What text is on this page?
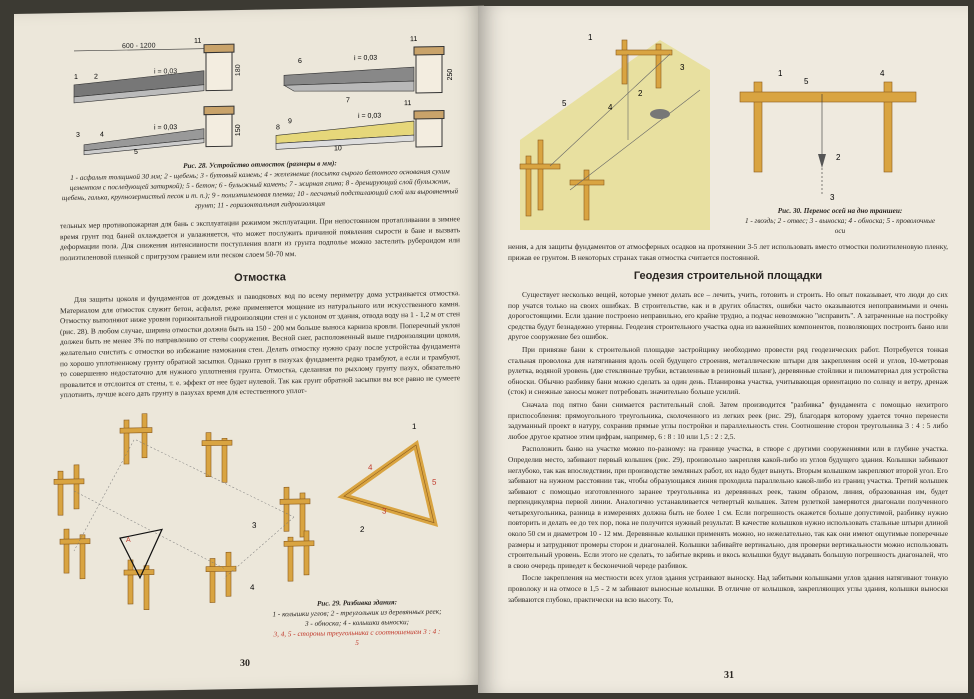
600 - 1200
i = 0,03	180
1 2
11
i = 0,03	150
3	4
5
i = 0,03
250
6
7
11
i = 0,03
8
9
10
11

Рис. 28. Устройство отмосток (размеры в мм):
1 - асфальт толщиной 30 мм; 2 - щебень; 3 - бутовый камень; 4 - железнение (посыпка сырого бетонного основания сухим цементом с последующей затиркой); 5 - бетон; 6 - булыжный камень; 7 - жирная глина; 8 - дренирующий слой (булыжник, щебень, галька, крупнозернистый песок и т. п.); 9 - полиэтиленовая пленка; 10 - песчаный подстилающий слой или выровненный грунт; 11 - горизонтальная гидроизоляция

тельных мер противопожарная для бань с эксплуатации режимом эксплуатации. При непостоянном протапливании в зимнее время грунт под баней охлаждается и увлажняется, что может послужить причиной появления сырости в бане и вызвать деформации пола. Для снижения интенсивности поступления влаги из грунта подполье можно застелить рубероидом или полиэтиленовой пленкой с пригрузом гравием или песком слоем 50-70 мм.

Отмостка

Для защиты цоколя и фундаментов от дождевых и паводковых вод по всему периметру дома устраивается отмостка. Материалом для отмосток служит бетон, асфальт, реже применяется мощение из натурального или искусственного камня. Отмостку выполняют ниже уровня горизонтальной гидроизоляции стен и с уклоном от здания, отвода воду на 1 - 1,2 м от стен (рис. 28). В любом случае, ширина отмостки должна быть на 150 - 200 мм больше выноса карниза кровли. Поперечный уклон должен быть не менее 3% по направлению от стены сооружения. Весной снег, расположенный выше гидроизоляции цоколя, желательно счистить с отмостки во избежание намокания стен. Делать отмостку нужно сразу после устройства фундамента по хорошо уплотненному грунту обратной засыпки. Однако грунт в пазухах фундамента редко трамбуют, а если и трамбуют, то совершенно недостаточно для нужного уплотнения грунта. Отмостка, сделанная по рыхлому грунту пазух, обязательно провалится и отслоится от стены, т. е. эффект от нее будет нулевой. Так как грунт обратной засыпки вы все равно не сумеете уплотнить, лучше всего дать грунту в пазухах время для естественного уплот-

A
4
3
5
1
2
3
4

Рис. 29. Разбивка здания:
1 - колышки углов; 2 - треугольник из деревянных реек; 3 - обноска; 4 - колышки выноски;
3, 4, 5 - стороны треугольника с соотношением 3 : 4 : 5

30
1
2
3
4
5
1
2
3
4
5

Рис. 30. Перенос осей на дно траншеи:
1 - гвоздь; 2 - отвес; 3 - выноска; 4 - обноска; 5 - проволочные оси

нения, а для защиты фундаментов от атмосферных осадков на протяжении 3-5 лет использовать вместо отмостки полиэтиленовую пленку, прижав ее грунтом. В некоторых странах такая отмостка считается постоянной.

Геодезия строительной площадки

Существует несколько вещей, которые умеют делать все – лечить, учить, готовить и строить. Но опыт показывает, что люди до сих пор учатся только на своих ошибках. В строительстве, как и в других областях, ошибки часто оказываются непоправимыми и очень дорогостоящими. Если здание построено неправильно, его крайне трудно, а подчас невозможно "исправить". А затраченные на постройку средства будут безнадежно утеряны. Геодезия строительного участка одна из важнейших компонентов, позволяющих построить баню или другое сооружение без ошибок.

При привязке бани к строительной площадке застройщику необходимо провести ряд геодезических работ. Потребуется тонкая стальная проволока для натягивания вдоль осей будущего строения, металлические штыри для закрепления осей и углов, 10-метровая рулетка, водяной уровень (две стеклянные трубки, вставленные в резиновый шланг), деревянные стойлики и пиломатериал для устройства обноски. Обычно разбивку бани можно сделать за один день. Планировка участка, учитывающая ориентацию по солнцу и ветру, дренаж (сток) и снежные заносы может потребовать значительно больше усилий.

Сначала под пятно бани снимается растительный слой. Затем производится "разбивка" фундамента с помощью нехитрого приспособления: прямоугольного треугольника, сколоченного из легких реек (рис. 29), благодаря которому удается точно перенести задуманный проект в натуру, сохранив прямые углы постройки и параллельность стен. Соотношение сторон треугольника 3 : 4 : 5 либо любое другое кратное этим цифрам, например, 6 : 8 : 10 или 1,5 : 2 : 2,5.

Расположить баню на участке можно по-разному: на границе участка, в створе с другими сооружениями или в глубине участка. Определив место, забивают первый колышек (рис. 29), произвольно закрепляя какой-либо из углов будущего здания. Колышки забивают неглубоко, так как впоследствии, при производстве земляных работ, их надо будет вынуть. Вторым колышком закрепляют второй угол. Его забивают на нужном расстоянии так, чтобы образующаяся линия проходила параллельно какой-либо из границ участка. Третий колышек забивают с помощью изготовленного заранее треугольника из деревянных реек, таким образом, линия, образованная им, будет перпендикулярна первой линии. Аналогично устанавливается четвертый колышек. Затем рулеткой замеряются диагонали полученного четырехугольника, разница в измерениях должна быть не более 1 см. Если погрешность окажется больше допустимой, разбивку нужно повторить и делать ее до тех пор, пока не получится нужный результат. В качестве колышков нужно использовать стальные штыри длиной около 50 см и диаметром 10 - 12 мм. Деревянные колышки применять можно, но нежелательно, так как они имеют ощутимые поперечные размеры и затрудняют промеры сторон и диагоналей. Колышки забивайте вертикально, для проверки вертикальности можно использовать строительный уровень. Если этого не сделать, то забитые вкривь и вкось колышки будут выдавать большую погрешность диагоналей, что в свою очередь приведет к бесконечной череде разбивок.

После закрепления на местности всех углов здания устраивают выноску. Над забитыми колышками углов здания натягивают тонкую проволоку и на отмосе в 1,5 - 2 м забивают выносные колышки. В отличие от колышков, закрепляющих углы здания, колышки выноски забиваются глубоко, практически на всю высоту. То,

31
